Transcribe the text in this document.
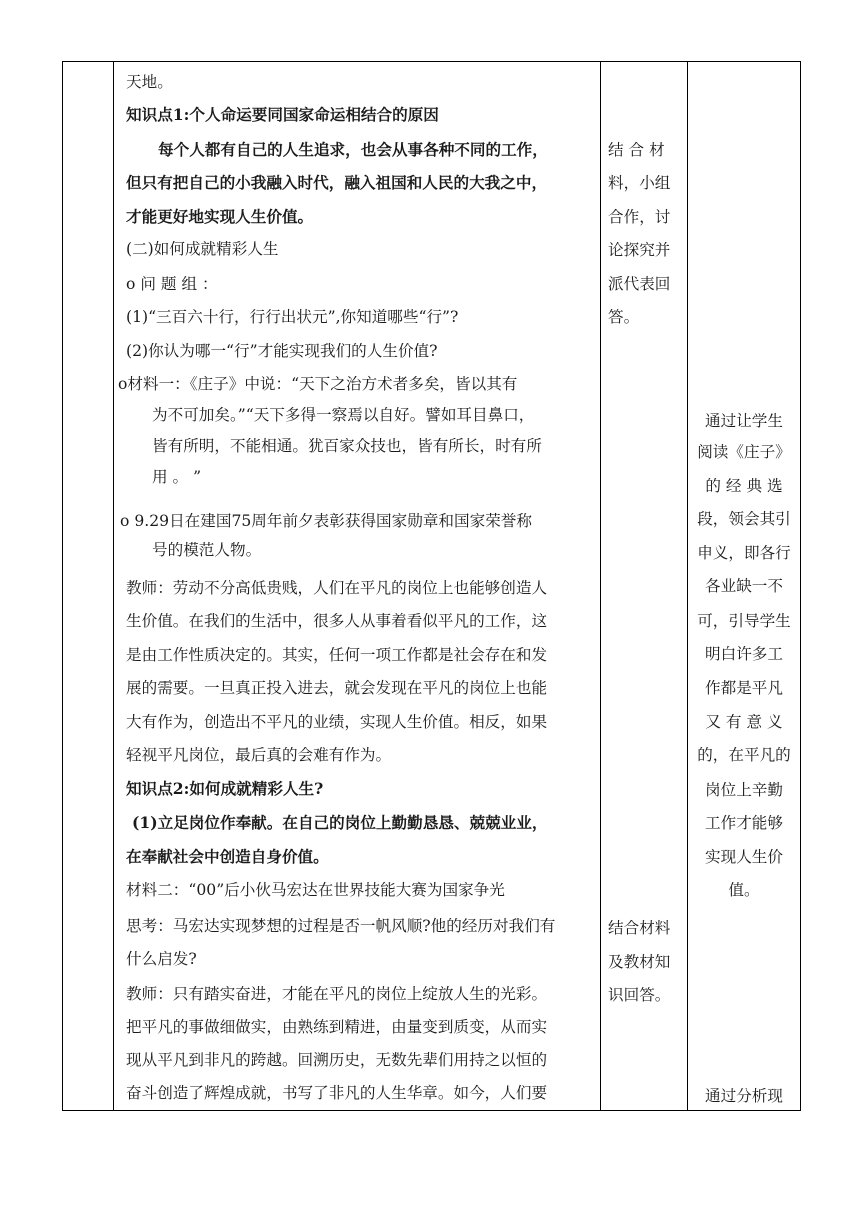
天地。
知识点1:个人命运要同国家命运相结合的原因
每个人都有自己的人生追求，也会从事各种不同的工作，
但只有把自己的小我融入时代，融入祖国和人民的大我之中，
才能更好地实现人生价值。
(二)如何成就精彩人生
o 问 题 组 ：
(1)“三百六十行，行行出状元”,你知道哪些“行”?
(2)你认为哪一“行”才能实现我们的人生价值?
o材料一：《庄子》中说：“天下之治方术者多矣，皆以其有
为不可加矣。”“天下多得一察焉以自好。譬如耳目鼻口，
皆有所明，不能相通。犹百家众技也，皆有所长，时有所
用 。 ”
o 9.29日在建国75周年前夕表彰获得国家勋章和国家荣誉称
号的模范人物。
教师：劳动不分高低贵贱，人们在平凡的岗位上也能够创造人
生价值。在我们的生活中，很多人从事着看似平凡的工作，这
是由工作性质决定的。其实，任何一项工作都是社会存在和发
展的需要。一旦真正投入进去，就会发现在平凡的岗位上也能
大有作为，创造出不平凡的业绩，实现人生价值。相反，如果
轻视平凡岗位，最后真的会难有作为。
知识点2:如何成就精彩人生?
(1)立足岗位作奉献。在自己的岗位上勤勤恳恳、兢兢业业，
在奉献社会中创造自身价值。
材料二：“00”后小伙马宏达在世界技能大赛为国家争光
思考：马宏达实现梦想的过程是否一帆风顺?他的经历对我们有
什么启发?
教师：只有踏实奋进，才能在平凡的岗位上绽放人生的光彩。
把平凡的事做细做实，由熟练到精进，由量变到质变，从而实
现从平凡到非凡的跨越。回溯历史，无数先辈们用持之以恒的
奋斗创造了辉煌成就，书写了非凡的人生华章。如今，人们要
结 合 材
料，小组
合作，讨
论探究并
派代表回
答。
结合材料
及教材知
识回答。
通过让学生
阅读《庄子》
的 经 典 选
段，领会其引
申义，即各行
各业缺一不
可，引导学生
明白许多工
作都是平凡
又 有 意 义
的，在平凡的
岗位上辛勤
工作才能够
实现人生价
值。
通过分析现
